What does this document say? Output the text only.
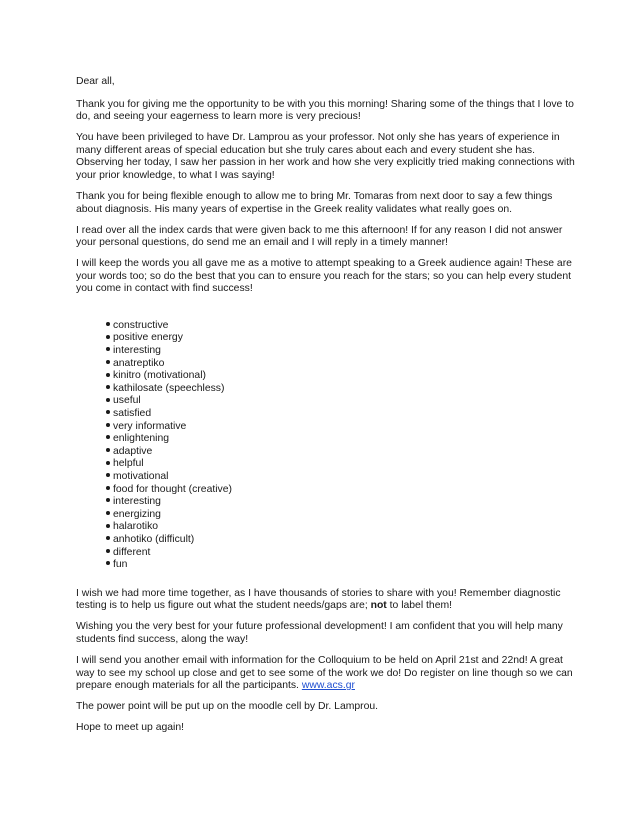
Dear all,

Thank you for giving me the opportunity to be with you this morning! Sharing some of the things that I love to do, and seeing your eagerness to learn more is very precious!

You have been privileged to have Dr. Lamprou as your professor. Not only she has years of experience in many different areas of special education but she truly cares about each and every student she has. Observing her today, I saw her passion in her work and how she very explicitly tried making connections with your prior knowledge, to what I was saying!

Thank you for being flexible enough to allow me to bring Mr. Tomaras from next door to say a few things about diagnosis. His many years of expertise in the Greek reality validates what really goes on.

I read over all the index cards that were given back to me this afternoon! If for any reason I did not answer your personal questions, do send me an email and I will reply in a timely manner!

I will keep the words you all gave me as a motive to attempt speaking to a Greek audience again! These are your words too; so do the best that you can to ensure you reach for the stars; so you can help every student you come in contact with find success!

constructive
positive energy
interesting
anatreptiko
kinitro (motivational)
kathilosate (speechless)
useful
satisfied
very informative
enlightening
adaptive
helpful
motivational
food for thought (creative)
interesting
energizing
halarotiko
anhotiko (difficult)
different
fun

I wish we had more time together, as I have thousands of stories to share with you! Remember diagnostic testing is to help us figure out what the student needs/gaps are; not to label them!

Wishing you the very best for your future professional development! I am confident that you will help many students find success, along the way!

I will send you another email with information for the Colloquium to be held on April 21st and 22nd! A great way to see my school up close and get to see some of the work we do! Do register on line though so we can prepare enough materials for all the participants. www.acs.gr

The power point will be put up on the moodle cell by Dr. Lamprou.

Hope to meet up again!
